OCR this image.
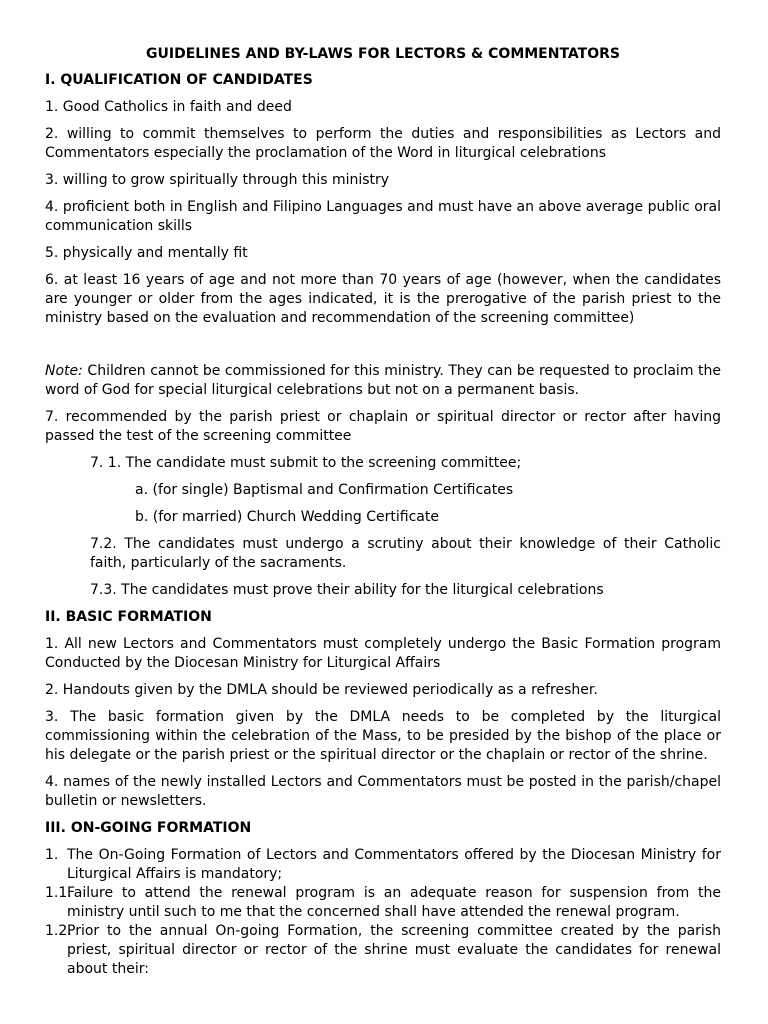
GUIDELINES AND BY-LAWS FOR LECTORS & COMMENTATORS
I. QUALIFICATION OF CANDIDATES

1. Good Catholics in faith and deed

2. willing to commit themselves to perform the duties and responsibilities as Lectors and Commentators especially the proclamation of the Word in liturgical celebrations

3. willing to grow spiritually through this ministry

4. proficient both in English and Filipino Languages and must have an above average public oral communication skills

5. physically and mentally fit

6. at least 16 years of age and not more than 70 years of age (however, when the candidates are younger or older from the ages indicated, it is the prerogative of the parish priest to the ministry based on the evaluation and recommendation of the screening committee)

Note: Children cannot be commissioned for this ministry. They can be requested to proclaim the word of God for special liturgical celebrations but not on a permanent basis.

7. recommended by the parish priest or chaplain or spiritual director or rector after having passed the test of the screening committee

7. 1. The candidate must submit to the screening committee;

a. (for single) Baptismal and Confirmation Certificates

b. (for married) Church Wedding Certificate

7.2. The candidates must undergo a scrutiny about their knowledge of their Catholic faith, particularly of the sacraments.

7.3. The candidates must prove their ability for the liturgical celebrations

II. BASIC FORMATION

1. All new Lectors and Commentators must completely undergo the Basic Formation program Conducted by the Diocesan Ministry for Liturgical Affairs

2. Handouts given by the DMLA should be reviewed periodically as a refresher.

3. The basic formation given by the DMLA needs to be completed by the liturgical commissioning within the celebration of the Mass, to be presided by the bishop of the place or his delegate or the parish priest or the spiritual director or the chaplain or rector of the shrine.

4. names of the newly installed Lectors and Commentators must be posted in the parish/chapel bulletin or newsletters.

III. ON-GOING FORMATION

1. The On-Going Formation of Lectors and Commentators offered by the Diocesan Ministry for Liturgical Affairs is mandatory;

1.1.
Failure to attend the renewal program is an adequate reason for suspension from the ministry until such to me that the concerned shall have attended the renewal program.

1.2.
Prior to the annual On-going Formation, the screening committee created by the parish priest, spiritual director or rector of the shrine must evaluate the candidates for renewal about their:
